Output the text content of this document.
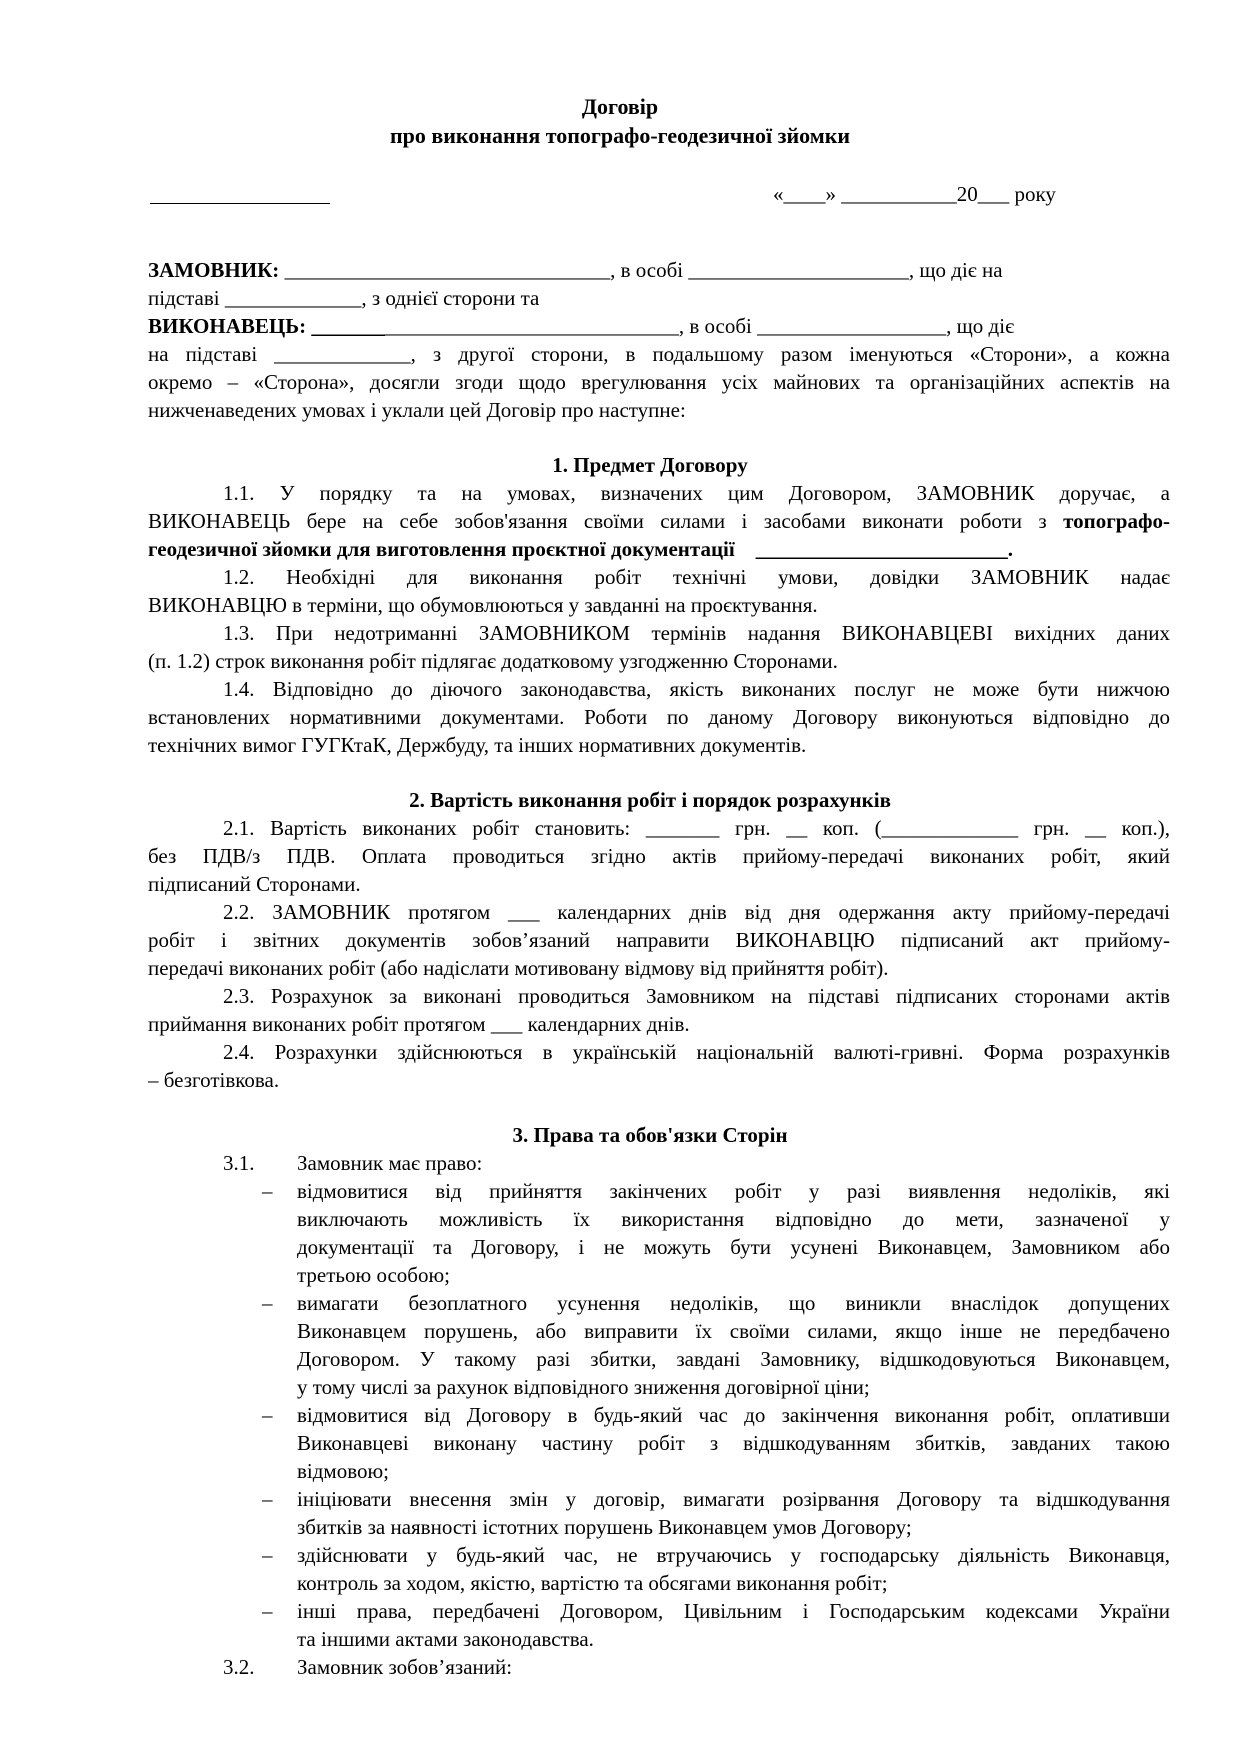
Договір
про виконання топографо-геодезичної зйомки
«____» ___________20___ року
ЗАМОВНИК: _______________________________, в особі _____________________, що діє на
підставі _____________, з однієї сторони та
ВИКОНАВЕЦЬ: ___________________________________, в особі __________________, що діє
на підставі _____________, з другої сторони, в подальшому разом іменуються «Сторони», а кожна
окремо – «Сторона», досягли згоди щодо врегулювання усіх майнових та організаційних аспектів на
нижченаведених умовах і уклали цей Договір про наступне:
1. Предмет Договору
1.1. У порядку та на умовах, визначених цим Договором, ЗАМОВНИК доручає, а
ВИКОНАВЕЦЬ бере на себе зобов'язання своїми силами і засобами виконати роботи з топографо-
геодезичної зйомки для виготовлення проєктної документації ________________________.
1.2. Необхідні для виконання робіт технічні умови, довідки ЗАМОВНИК надає
ВИКОНАВЦЮ в терміни, що обумовлюються у завданні на проєктування.
1.3. При недотриманні ЗАМОВНИКОМ термінів надання ВИКОНАВЦЕВІ вихідних даних
(п. 1.2) строк виконання робіт підлягає додатковому узгодженню Сторонами.
1.4. Відповідно до діючого законодавства, якість виконаних послуг не може бути нижчою
встановлених нормативними документами. Роботи по даному Договору виконуються відповідно до
технічних вимог ГУГКтаК, Держбуду, та інших нормативних документів.
2. Вартість виконання робіт і порядок розрахунків
2.1. Вартість виконаних робіт становить: _______ грн. __ коп. (_____________ грн. __ коп.),
без ПДВ/з ПДВ. Оплата проводиться згідно актів прийому-передачі виконаних робіт, який
підписаний Сторонами.
2.2. ЗАМОВНИК протягом ___ календарних днів від дня одержання акту прийому-передачі
робіт і звітних документів зобов’язаний направити ВИКОНАВЦЮ підписаний акт прийому-
передачі виконаних робіт (або надіслати мотивовану відмову від прийняття робіт).
2.3. Розрахунок за виконані проводиться Замовником на підставі підписаних сторонами актів
приймання виконаних робіт протягом ___ календарних днів.
2.4. Розрахунки здійснюються в українській національній валюті-гривні. Форма розрахунків
– безготівкова.
3. Права та обов'язки Сторін
3.1. Замовник має право:
– відмовитися від прийняття закінчених робіт у разі виявлення недоліків, які
виключають можливість їх використання відповідно до мети, зазначеної у
документації та Договору, і не можуть бути усунені Виконавцем, Замовником або
третьою особою;
– вимагати безоплатного усунення недоліків, що виникли внаслідок допущених
Виконавцем порушень, або виправити їх своїми силами, якщо інше не передбачено
Договором. У такому разі збитки, завдані Замовнику, відшкодовуються Виконавцем,
у тому числі за рахунок відповідного зниження договірної ціни;
– відмовитися від Договору в будь-який час до закінчення виконання робіт, оплативши
Виконавцеві виконану частину робіт з відшкодуванням збитків, завданих такою
відмовою;
– ініціювати внесення змін у договір, вимагати розірвання Договору та відшкодування
збитків за наявності істотних порушень Виконавцем умов Договору;
– здійснювати у будь-який час, не втручаючись у господарську діяльність Виконавця,
контроль за ходом, якістю, вартістю та обсягами виконання робіт;
– інші права, передбачені Договором, Цивільним і Господарським кодексами України
та іншими актами законодавства.
3.2. Замовник зобов’язаний:
